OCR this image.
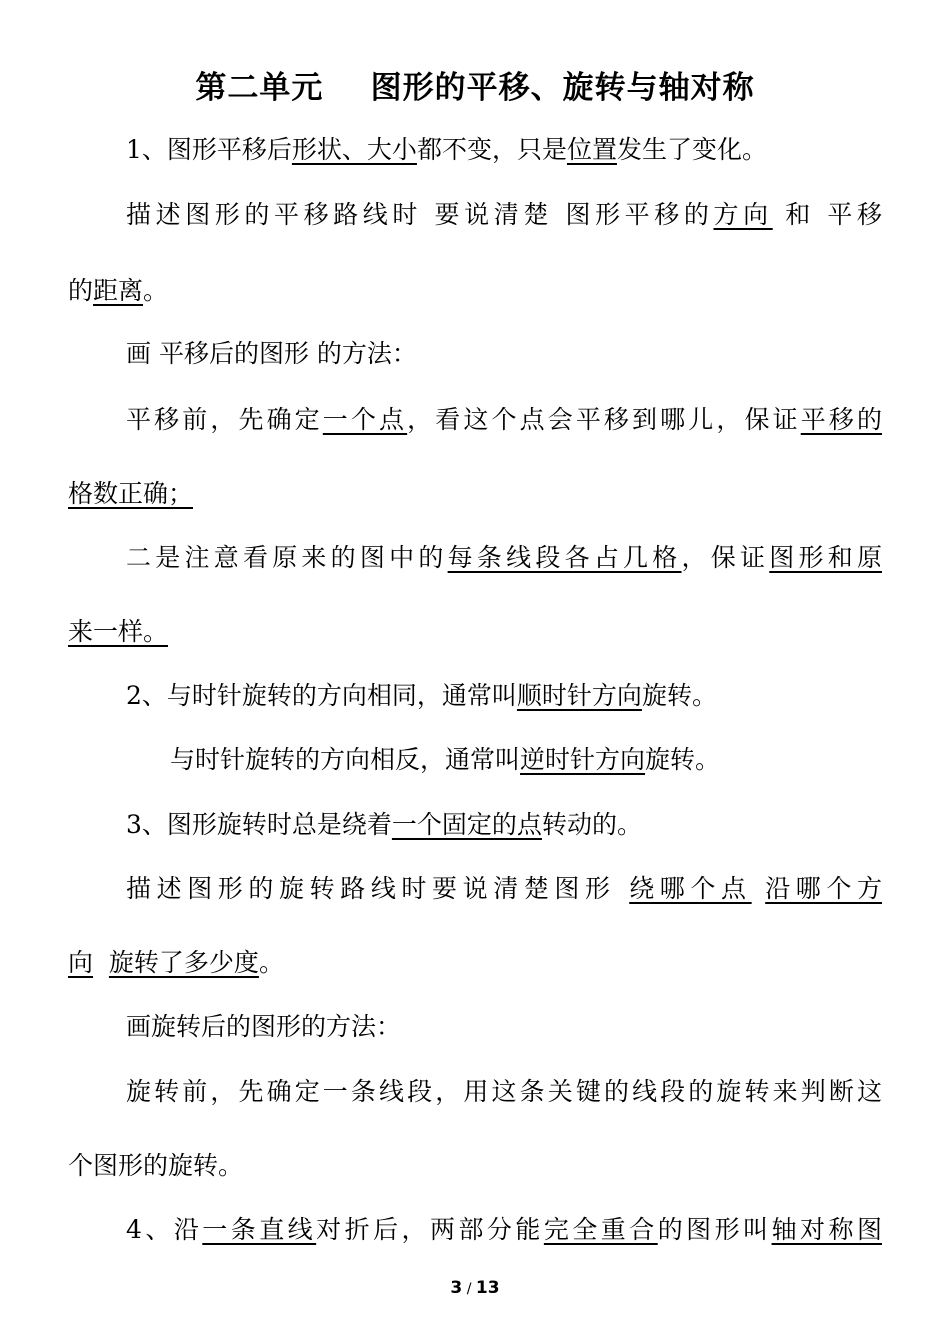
第二单元    图形的平移、旋转与轴对称
1、图形平移后形状、大小都不变，只是位置发生了变化。
描述图形的平移路线时 要说清楚 图形平移的方向 和 平移
的距离。
画 平移后的图形 的方法：
平移前，先确定一个点，看这个点会平移到哪儿，保证平移的
格数正确；
二是注意看原来的图中的每条线段各占几格，保证图形和原
来一样。
2、与时针旋转的方向相同，通常叫顺时针方向旋转。
与时针旋转的方向相反，通常叫逆时针方向旋转。
3、图形旋转时总是绕着一个固定的点转动的。
描述图形的旋转路线时要说清楚图形 绕哪个点 沿哪个方
向 旋转了多少度。
画旋转后的图形的方法：
旋转前，先确定一条线段，用这条关键的线段的旋转来判断这
个图形的旋转。
4、沿一条直线对折后，两部分能完全重合的图形叫轴对称图
3 / 13
